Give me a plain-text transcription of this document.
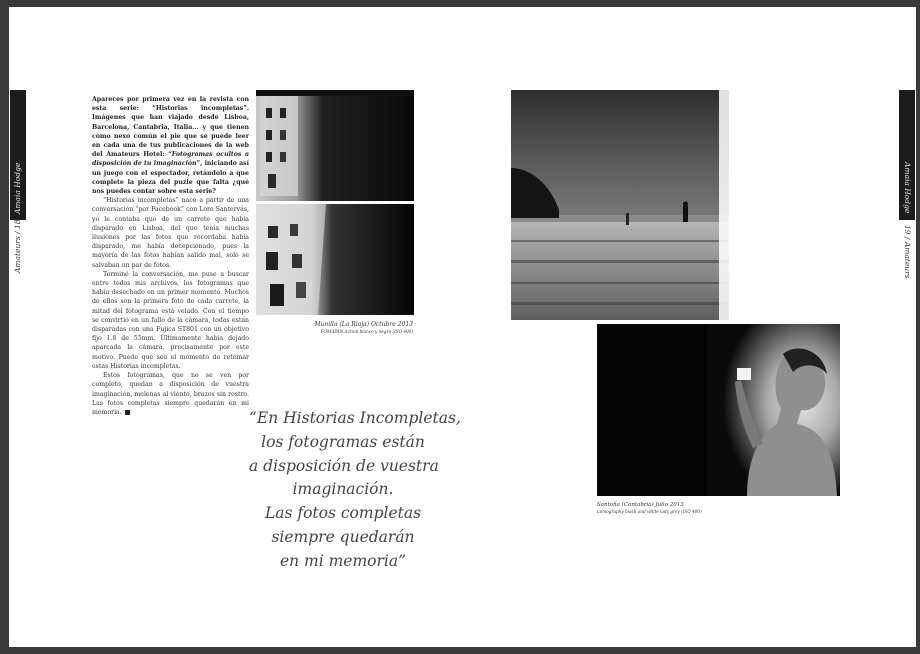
Amaia Hodge
Amateurs / 18
Amaia Hodge
19 / Amateurs

Apareces por primera vez en la revista con esta serie: “Historias incompletas”. Imágenes que han viajado desde Lisboa, Barcelona, Cantabria, Italia… y que tienen como nexo común el pie que se puede leer en cada una de tus publicaciones de la web del Amateurs Hotel: “Fotogramas ocultos a disposición de tu imaginación”, iniciando así un juego con el espectador, retándolo a que complete la pieza del puzle que falta ¿qué nos puedes contar sobre esta serie?

“Historias incompletas” nace a partir de una conversación “por Facebook” con Lore Santervás, yo le contaba que de un carrete que había disparado en Lisboa, del que tenía muchas ilusiones por las fotos que recordaba había disparado, me había decepcionado, pues la mayoría de las fotos habían salido mal, solo se salvaban un par de fotos.

Terminé la conversación, me puse a buscar entre todos mis archivos, los fotogramas que había desechado en un primer momento. Muchos de ellos son la primera foto de cada carrete, la mitad del fotograma está velado. Con el tiempo se convirtió en un fallo de la cámara, todas están disparadas con una Fujica ST801 con un objetivo fijo 1.8 de 55mm. Últimamente había dejado aparcada la cámara, precisamente por este motivo. Puede que sea el momento de retomar estas Historias incompletas.

Estos fotogramas, que no se ven por completo, quedan a disposición de vuestra imaginación, melenas al viento, brazos sin rostro. Las fotos completas siempre quedarán en mi memoria.

Munilla (La Rioja) Octubre 2013
FOMAPAN Action blanco y negro (ISO 400)
“En Historias Incompletas,
los fotogramas están
a disposición de vuestra
imaginación.
Las fotos completas
siempre quedarán
en mi memoria”
Santoña (Cantabria) Julio 2013
Lomography black and white lady grey (ISO 400)
